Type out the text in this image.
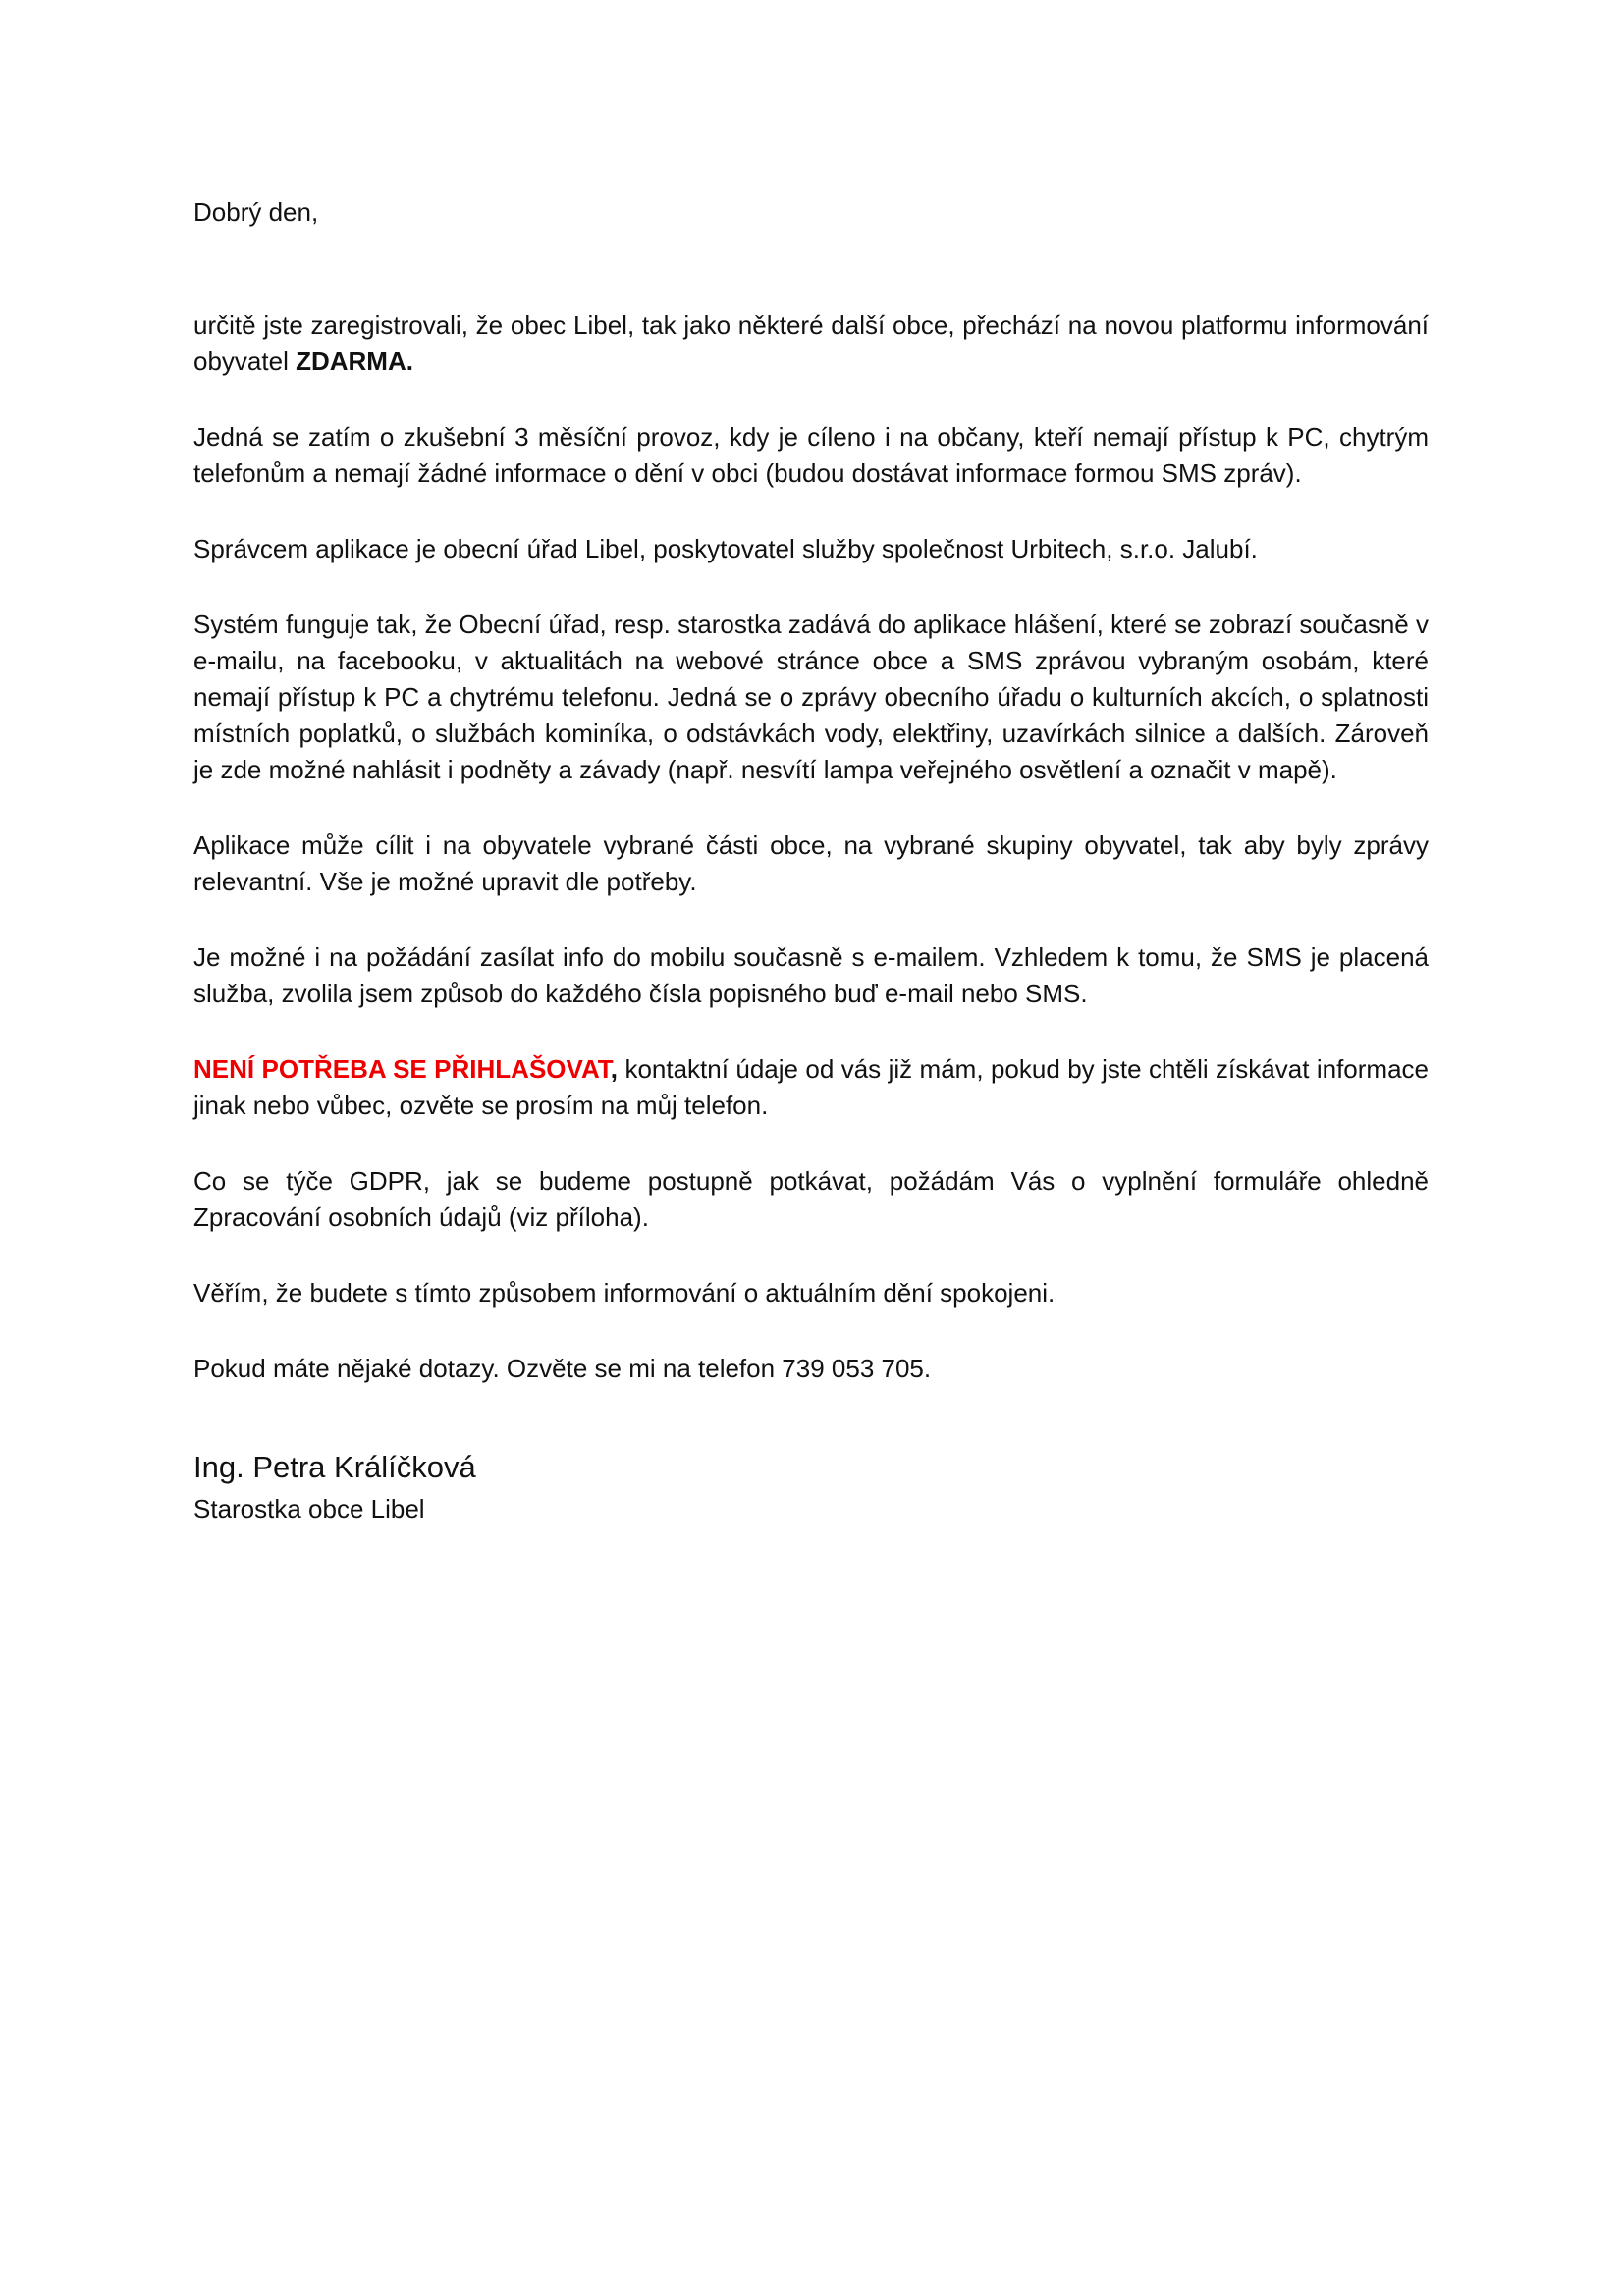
Dobrý den,

určitě jste zaregistrovali, že obec Libel, tak jako některé další obce, přechází na novou platformu informování obyvatel ZDARMA.

Jedná se zatím o zkušební 3 měsíční provoz, kdy je cíleno i na občany, kteří nemají přístup k PC, chytrým telefonům a nemají žádné informace o dění v obci (budou dostávat informace formou SMS zpráv).

Správcem aplikace je obecní úřad Libel, poskytovatel služby společnost Urbitech, s.r.o. Jalubí.

Systém funguje tak, že Obecní úřad, resp. starostka zadává do aplikace hlášení, které se zobrazí současně v e-mailu, na facebooku, v aktualitách na webové stránce obce a SMS zprávou vybraným osobám, které nemají přístup k PC a chytrému telefonu. Jedná se o zprávy obecního úřadu o kulturních akcích, o splatnosti místních poplatků, o službách kominíka, o odstávkách vody, elektřiny, uzavírkách silnice a dalších. Zároveň je zde možné nahlásit i podněty a závady (např. nesvítí lampa veřejného osvětlení a označit v mapě).

Aplikace může cílit i na obyvatele vybrané části obce, na vybrané skupiny obyvatel, tak aby byly zprávy relevantní. Vše je možné upravit dle potřeby.

Je možné i na požádání zasílat info do mobilu současně s e-mailem. Vzhledem k tomu, že SMS je placená služba, zvolila jsem způsob do každého čísla popisného buď e-mail nebo SMS.

NENÍ POTŘEBA SE PŘIHLAŠOVAT, kontaktní údaje od vás již mám, pokud by jste chtěli získávat informace jinak nebo vůbec, ozvěte se prosím na můj telefon.

Co se týče GDPR, jak se budeme postupně potkávat, požádám Vás o vyplnění formuláře ohledně Zpracování osobních údajů (viz příloha).

Věřím, že budete s tímto způsobem informování o aktuálním dění spokojeni.

Pokud máte nějaké dotazy. Ozvěte se mi na telefon 739 053 705.

Ing. Petra Králíčková

Starostka obce Libel
